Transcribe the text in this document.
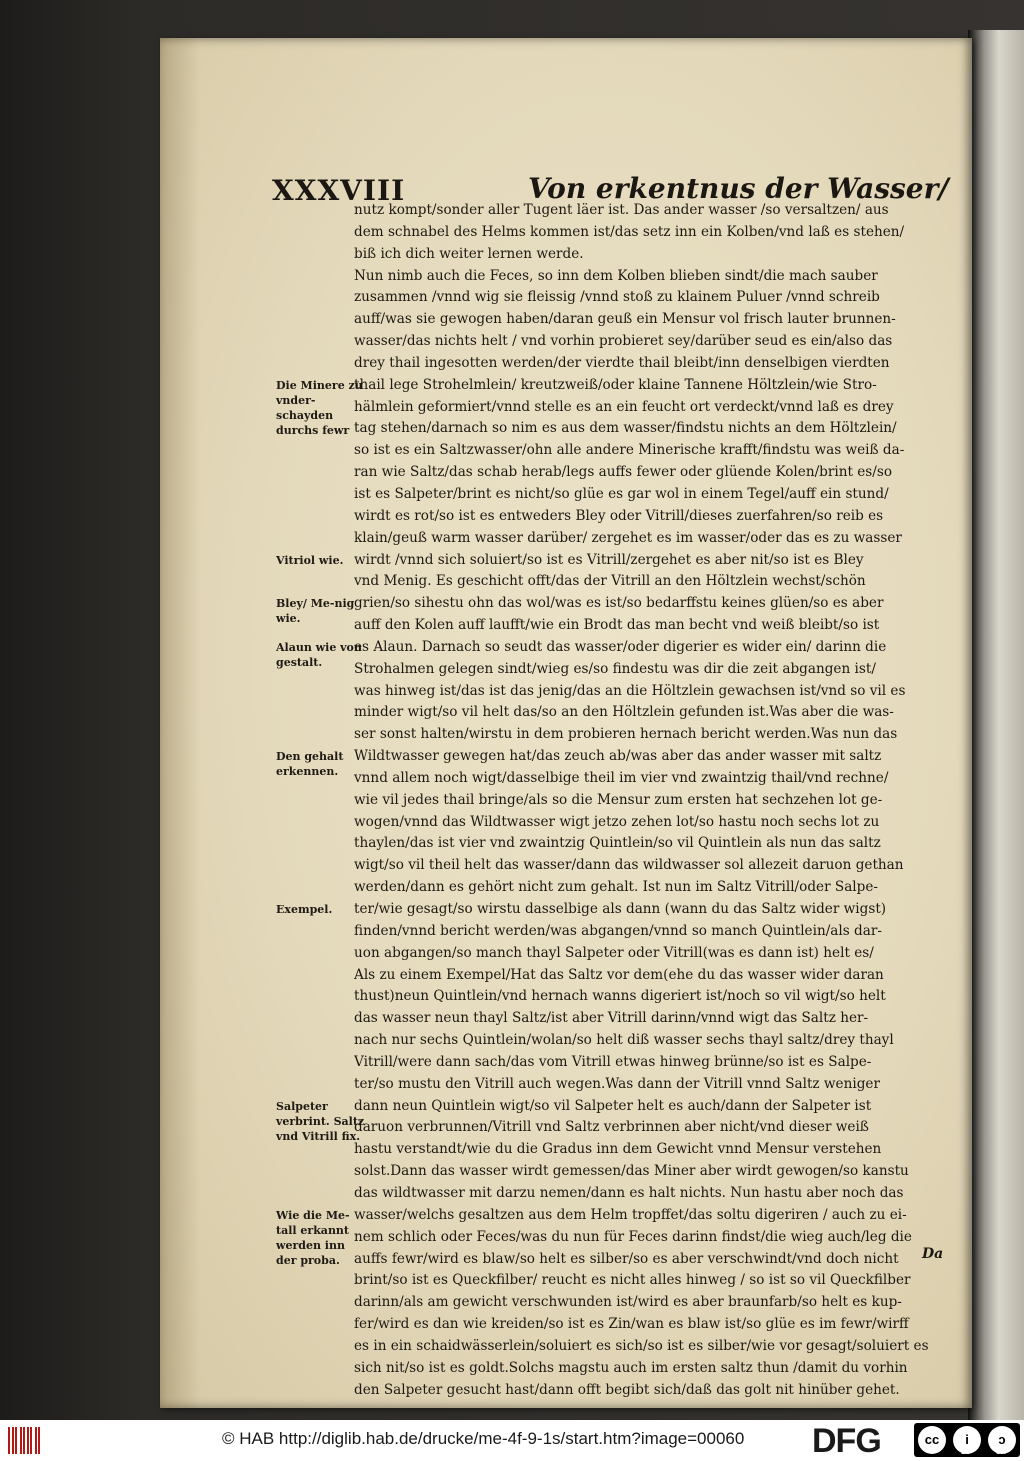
XXXVIII	Von erkentnus der Wasser/
Die Minere zu vnder-schayden durchs fewr
Vitriol wie.
Bley/ Me-nig wie.
Alaun wie von gestalt.
Den gehalt erkennen.
Exempel.
Salpeter verbrint. Saltz vnd Vitrill fix.
Wie die Me-tall erkannt werden inn der proba.
nutz kompt/sonder aller Tugent läer ist. Das ander wasser /so versaltzen/ aus
dem schnabel des Helms kommen ist/das setz inn ein Kolben/vnd laß es stehen/
biß ich dich weiter lernen werde.
Nun nimb auch die Feces, so inn dem Kolben blieben sindt/die mach sauber
zusammen /vnnd wig sie fleissig /vnnd stoß zu klainem Puluer /vnnd schreib
auff/was sie gewogen haben/daran geuß ein Mensur vol frisch lauter brunnen-
wasser/das nichts helt / vnd vorhin probieret sey/darüber seud es ein/also das
drey thail ingesotten werden/der vierdte thail bleibt/inn denselbigen vierdten
thail lege Strohelmlein/ kreutzweiß/oder klaine Tannene Höltzlein/wie Stro-
hälmlein geformiert/vnnd stelle es an ein feucht ort verdeckt/vnnd laß es drey
tag stehen/darnach so nim es aus dem wasser/findstu nichts an dem Höltzlein/
so ist es ein Saltzwasser/ohn alle andere Minerische krafft/findstu was weiß da-
ran wie Saltz/das schab herab/legs auffs fewer oder glüende Kolen/brint es/so
ist es Salpeter/brint es nicht/so glüe es gar wol in einem Tegel/auff ein stund/
wirdt es rot/so ist es entweders Bley oder Vitrill/dieses zuerfahren/so reib es
klain/geuß warm wasser darüber/ zergehet es im wasser/oder das es zu wasser
wirdt /vnnd sich soluiert/so ist es Vitrill/zergehet es aber nit/so ist es Bley
vnd Menig. Es geschicht offt/das der Vitrill an den Höltzlein wechst/schön
grien/so sihestu ohn das wol/was es ist/so bedarffstu keines glüen/so es aber
auff den Kolen auff laufft/wie ein Brodt das man becht vnd weiß bleibt/so ist
es Alaun. Darnach so seudt das wasser/oder digerier es wider ein/ darinn die
Strohalmen gelegen sindt/wieg es/so findestu was dir die zeit abgangen ist/
was hinweg ist/das ist das jenig/das an die Höltzlein gewachsen ist/vnd so vil es
minder wigt/so vil helt das/so an den Höltzlein gefunden ist.Was aber die was-
ser sonst halten/wirstu in dem probieren hernach bericht werden.Was nun das
Wildtwasser gewegen hat/das zeuch ab/was aber das ander wasser mit saltz
vnnd allem noch wigt/dasselbige theil im vier vnd zwaintzig thail/vnd rechne/
wie vil jedes thail bringe/als so die Mensur zum ersten hat sechzehen lot ge-
wogen/vnnd das Wildtwasser wigt jetzo zehen lot/so hastu noch sechs lot zu
thaylen/das ist vier vnd zwaintzig Quintlein/so vil Quintlein als nun das saltz
wigt/so vil theil helt das wasser/dann das wildwasser sol allezeit daruon gethan
werden/dann es gehört nicht zum gehalt. Ist nun im Saltz Vitrill/oder Salpe-
ter/wie gesagt/so wirstu dasselbige als dann (wann du das Saltz wider wigst)
finden/vnnd bericht werden/was abgangen/vnnd so manch Quintlein/als dar-
uon abgangen/so manch thayl Salpeter oder Vitrill(was es dann ist) helt es/
Als zu einem Exempel/Hat das Saltz vor dem(ehe du das wasser wider daran
thust)neun Quintlein/vnd hernach wanns digeriert ist/noch so vil wigt/so helt
das wasser neun thayl Saltz/ist aber Vitrill darinn/vnnd wigt das Saltz her-
nach nur sechs Quintlein/wolan/so helt diß wasser sechs thayl saltz/drey thayl
Vitrill/were dann sach/das vom Vitrill etwas hinweg brünne/so ist es Salpe-
ter/so mustu den Vitrill auch wegen.Was dann der Vitrill vnnd Saltz weniger
dann neun Quintlein wigt/so vil Salpeter helt es auch/dann der Salpeter ist
daruon verbrunnen/Vitrill vnd Saltz verbrinnen aber nicht/vnd dieser weiß
hastu verstandt/wie du die Gradus inn dem Gewicht vnnd Mensur verstehen
solst.Dann das wasser wirdt gemessen/das Miner aber wirdt gewogen/so kanstu
das wildtwasser mit darzu nemen/dann es halt nichts. Nun hastu aber noch das
wasser/welchs gesaltzen aus dem Helm tropffet/das soltu digeriren / auch zu ei-
nem schlich oder Feces/was du nun für Feces darinn findst/die wieg auch/leg die
auffs fewr/wird es blaw/so helt es silber/so es aber verschwindt/vnd doch nicht
brint/so ist es Queckfilber/ reucht es nicht alles hinweg / so ist so vil Queckfilber
darinn/als am gewicht verschwunden ist/wird es aber braunfarb/so helt es kup-
fer/wird es dan wie kreiden/so ist es Zin/wan es blaw ist/so glüe es im fewr/wirff
es in ein schaidwässerlein/soluiert es sich/so ist es silber/wie vor gesagt/soluiert es
sich nit/so ist es goldt.Solchs magstu auch im ersten saltz thun /damit du vorhin
den Salpeter gesucht hast/dann offt begibt sich/daß das golt nit hinüber gehet.
Da
© HAB http://diglib.hab.de/drucke/me-4f-9-1s/start.htm?image=00060 DFG	cc	i	ↄ
BY	SA
